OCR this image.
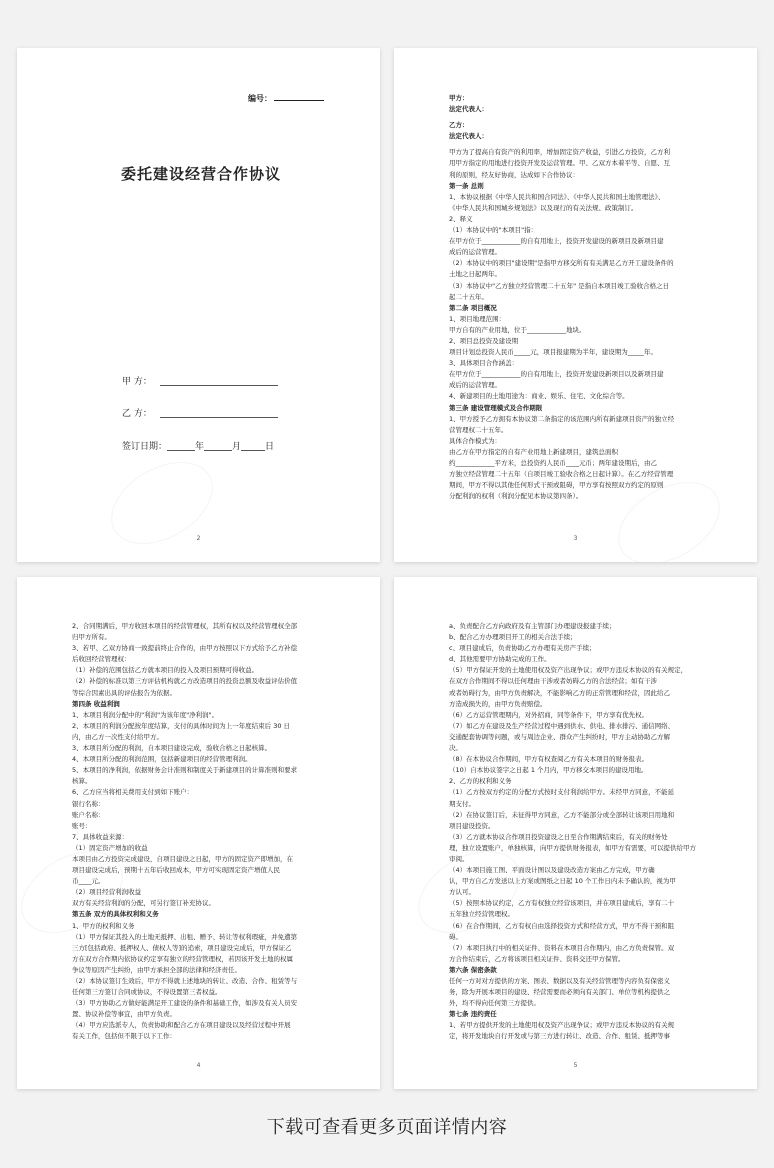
编号：
委托建设经营合作协议
甲 方：
乙 方：
签订日期：	年	月	日
2

甲方：

法定代表人：

乙方：

法定代表人：

甲方为了提高自有资产的利用率，增加固定资产收益，引进乙方投资，乙方利

用甲方指定的用地进行投资开发及运营管理。甲、乙双方本着平等、自愿、互

利的原则，经友好协商，达成如下合作协议：

第一条 总则

1、本协议根据《中华人民共和国合同法》、《中华人民共和国土地管理法》、

《中华人民共和国城乡规划法》以及现行的有关法规、政策制订。

2、释义

（1）本协议中的"本项目"指：

在甲方位于____________的自有用地上，投资开发建设的新项目及新项目建

成后的运营管理。

（2）本协议中的项目"建设期"是指甲方移交所有有关满足乙方开工建设条件的

土地之日起两年。

（3）本协议中"乙方独立经营管理二十五年" 是指自本项目竣工验收合格之日

起二十五年。

第二条 项目概况

1、项目地理范围：

甲方自有的产业用地，位于____________地块。

2、项目总投资及建设期

项目计划总投资人民币_____元，项目报建期为半年，建设期为_____年。

3、具体项目合作涵盖：

在甲方位于____________的自有用地上，投资开发建设新项目以及新项目建

成后的运营管理。

4、新建项目的土地用途为：商业、娱乐、住宅、文化综合等。

第三条 建设管理模式及合作期限

1、甲方授予乙方拥有本协议第二条指定的该范围内所有新建项目资产的独立经

营管理权二十五年。

具体合作模式为：

由乙方在甲方指定的自有产业用地上新建项目，建筑总面积

约____________平方米，总投资约人民币____元币；两年建设期后，由乙

方独立经营管理二十五年（自项目竣工验收合格之日起计算）。在乙方经营管理

期间，甲方不得以其他任何形式干预或阻碍，甲方享有按照双方约定的原则

分配利润的权利（利润分配见本协议第四条）。

3

2、合同期满后，甲方收回本项目的经营管理权，其所有权以及经营管理权全部

归甲方所有。

3、若甲、乙双方协商一致提前终止合作的，由甲方按照以下方式给予乙方补偿

后收回经营管理权：

（1）补偿的范围包括乙方就本项目的投入及项目预期可得收益。

（2）补偿的标准以第三方评估机构就乙方改造项目的投资总额及收益评估价值

等综合因素出具的评估报告为依据。

第四条 收益利润

1、本项目利润分配中的"利润"为该年度"净利润"。

2、本项目的利润分配按年度结算，支付的具体时间为上一年度结束后 30 日

内，由乙方一次性支付给甲方。

3、本项目所分配的利润，自本项目建设完成，验收合格之日起核算。

4、本项目所分配的利润范围，包括新建项目的经营管理利润。

5、本项目的净利润，依据财务会计准则和制度关于新建项目的计算准则和要求

核算。

6、乙方应当将相关费用支付到如下账户：

银行名称：

账户名称：

账号：

7、具体收益来源：

（1）固定资产增加的收益

本项目由乙方投资完成建设，自项目建设之日起，甲方的固定资产即增加，在

项目建设完成后，预期十五年后收回成本，甲方可实现固定资产增值人民

币____元。

（2）项目经营利润收益

双方有关经营利润的分配，可另行签订补充协议。

第五条 双方的具体权利和义务

1、甲方的权利和义务

（1）甲方保证其投入的土地无抵押、出租、赠予、转让等权利瑕疵，并免遭第

三方[包括政府、抵押权人、债权人等]的追索，项目建设完成后，甲方保证乙

方在双方合作期内依协议约定享有独立的经营管理权，若因该开发土地的权属

争议等原因产生纠纷，由甲方承担全部的法律和经济责任。

（2）本协议签订生效后，甲方不得就上述地块的转让、改造、合作、租赁等与

任何第三方签订合同或协议，不得设置第三者权益。

（3）甲方协助乙方做好能满足开工建设的条件和基础工作，如涉及有关人员安

置、协议补偿等事宜，由甲方负责。

（4）甲方应选派专人，负责协助和配合乙方在项目建设以及经营过程中开展

有关工作，包括但不限于以下工作：

4

a、负责配合乙方向政府及有主管部门办理建设报建手续；

b、配合乙方办理项目开工的相关合法手续；

c、项目建成后，负责协助乙方办理有关房产手续；

d、其他需要甲方协助完成的工作。

（5）甲方保证开发的土地使用权及资产出现争议；或甲方违反本协议的有关规定，

在双方合作期间不得以任何理由干涉或者妨碍乙方的合法经营；如有干涉

或者妨碍行为，由甲方负责解决，不能影响乙方的正常管理和经营，因此给乙

方造成损失的，由甲方负责赔偿。

（6）乙方运营管理期内，对外招商，同等条件下，甲方享有优先权。

（7）如乙方在建设及生产经营过程中遇到供水、供电、排水排污、通信网络、

交通配套协调等问题，或与周边企业、群众产生纠纷时，甲方主动协助乙方解

决。

（8）在本协议合作期间，甲方有权查阅乙方有关本项目的财务报表。

（10）自本协议签字之日起 1 个月内，甲方移交本项目的建设用地。

2、乙方的权利和义务

（1）乙方按双方约定的分配方式按时支付利润给甲方。未经甲方同意，不能延

期支付。

（2）在协议签订后，未征得甲方同意，乙方不能部分或全部转让该项目用地和

项目建设投资。

（3）乙方就本协议合作项目投资建设之日至合作期满结束后，有关的财务处

理，独立设置账户，单独核算，向甲方提供财务报表，如甲方有需要，可以提供给甲方

审阅。

（4）本项目施工图、平面设计图以及建设改造方案由乙方完成，甲方确

认，甲方自乙方发送以上方案或图纸之日起 10 个工作日内未予确认的，视为甲

方认可。

（5）按照本协议约定，乙方有权独立经营该项目，并在项目建成后，享有二十

五年独立经营管理权。

（6）在合作期间，乙方有权自由选择投资方式和经营方式，甲方不得干预和阻

碍。

（7）本项目执行中的相关证件、资料在本项目合作期内，由乙方负责保管。双

方合作结束后，乙方将该项目相关证件、资料交还甲方保管。

第六条 保密条款

任何一方对对方提供的方案、图表、数据以及有关经营管理等内容负有保密义

务，除为开展本项目的建设、经营需要而必须向有关部门、单位等机构提供之

外，均不得向任何第三方提供。

第七条 违约责任

1、若甲方提供开发的土地使用权及资产出现争议；或甲方违反本协议的有关规

定，将开发地块自行开发或与第三方进行转让、改造、合作、租赁、抵押等事

5
下载可查看更多页面详情内容
